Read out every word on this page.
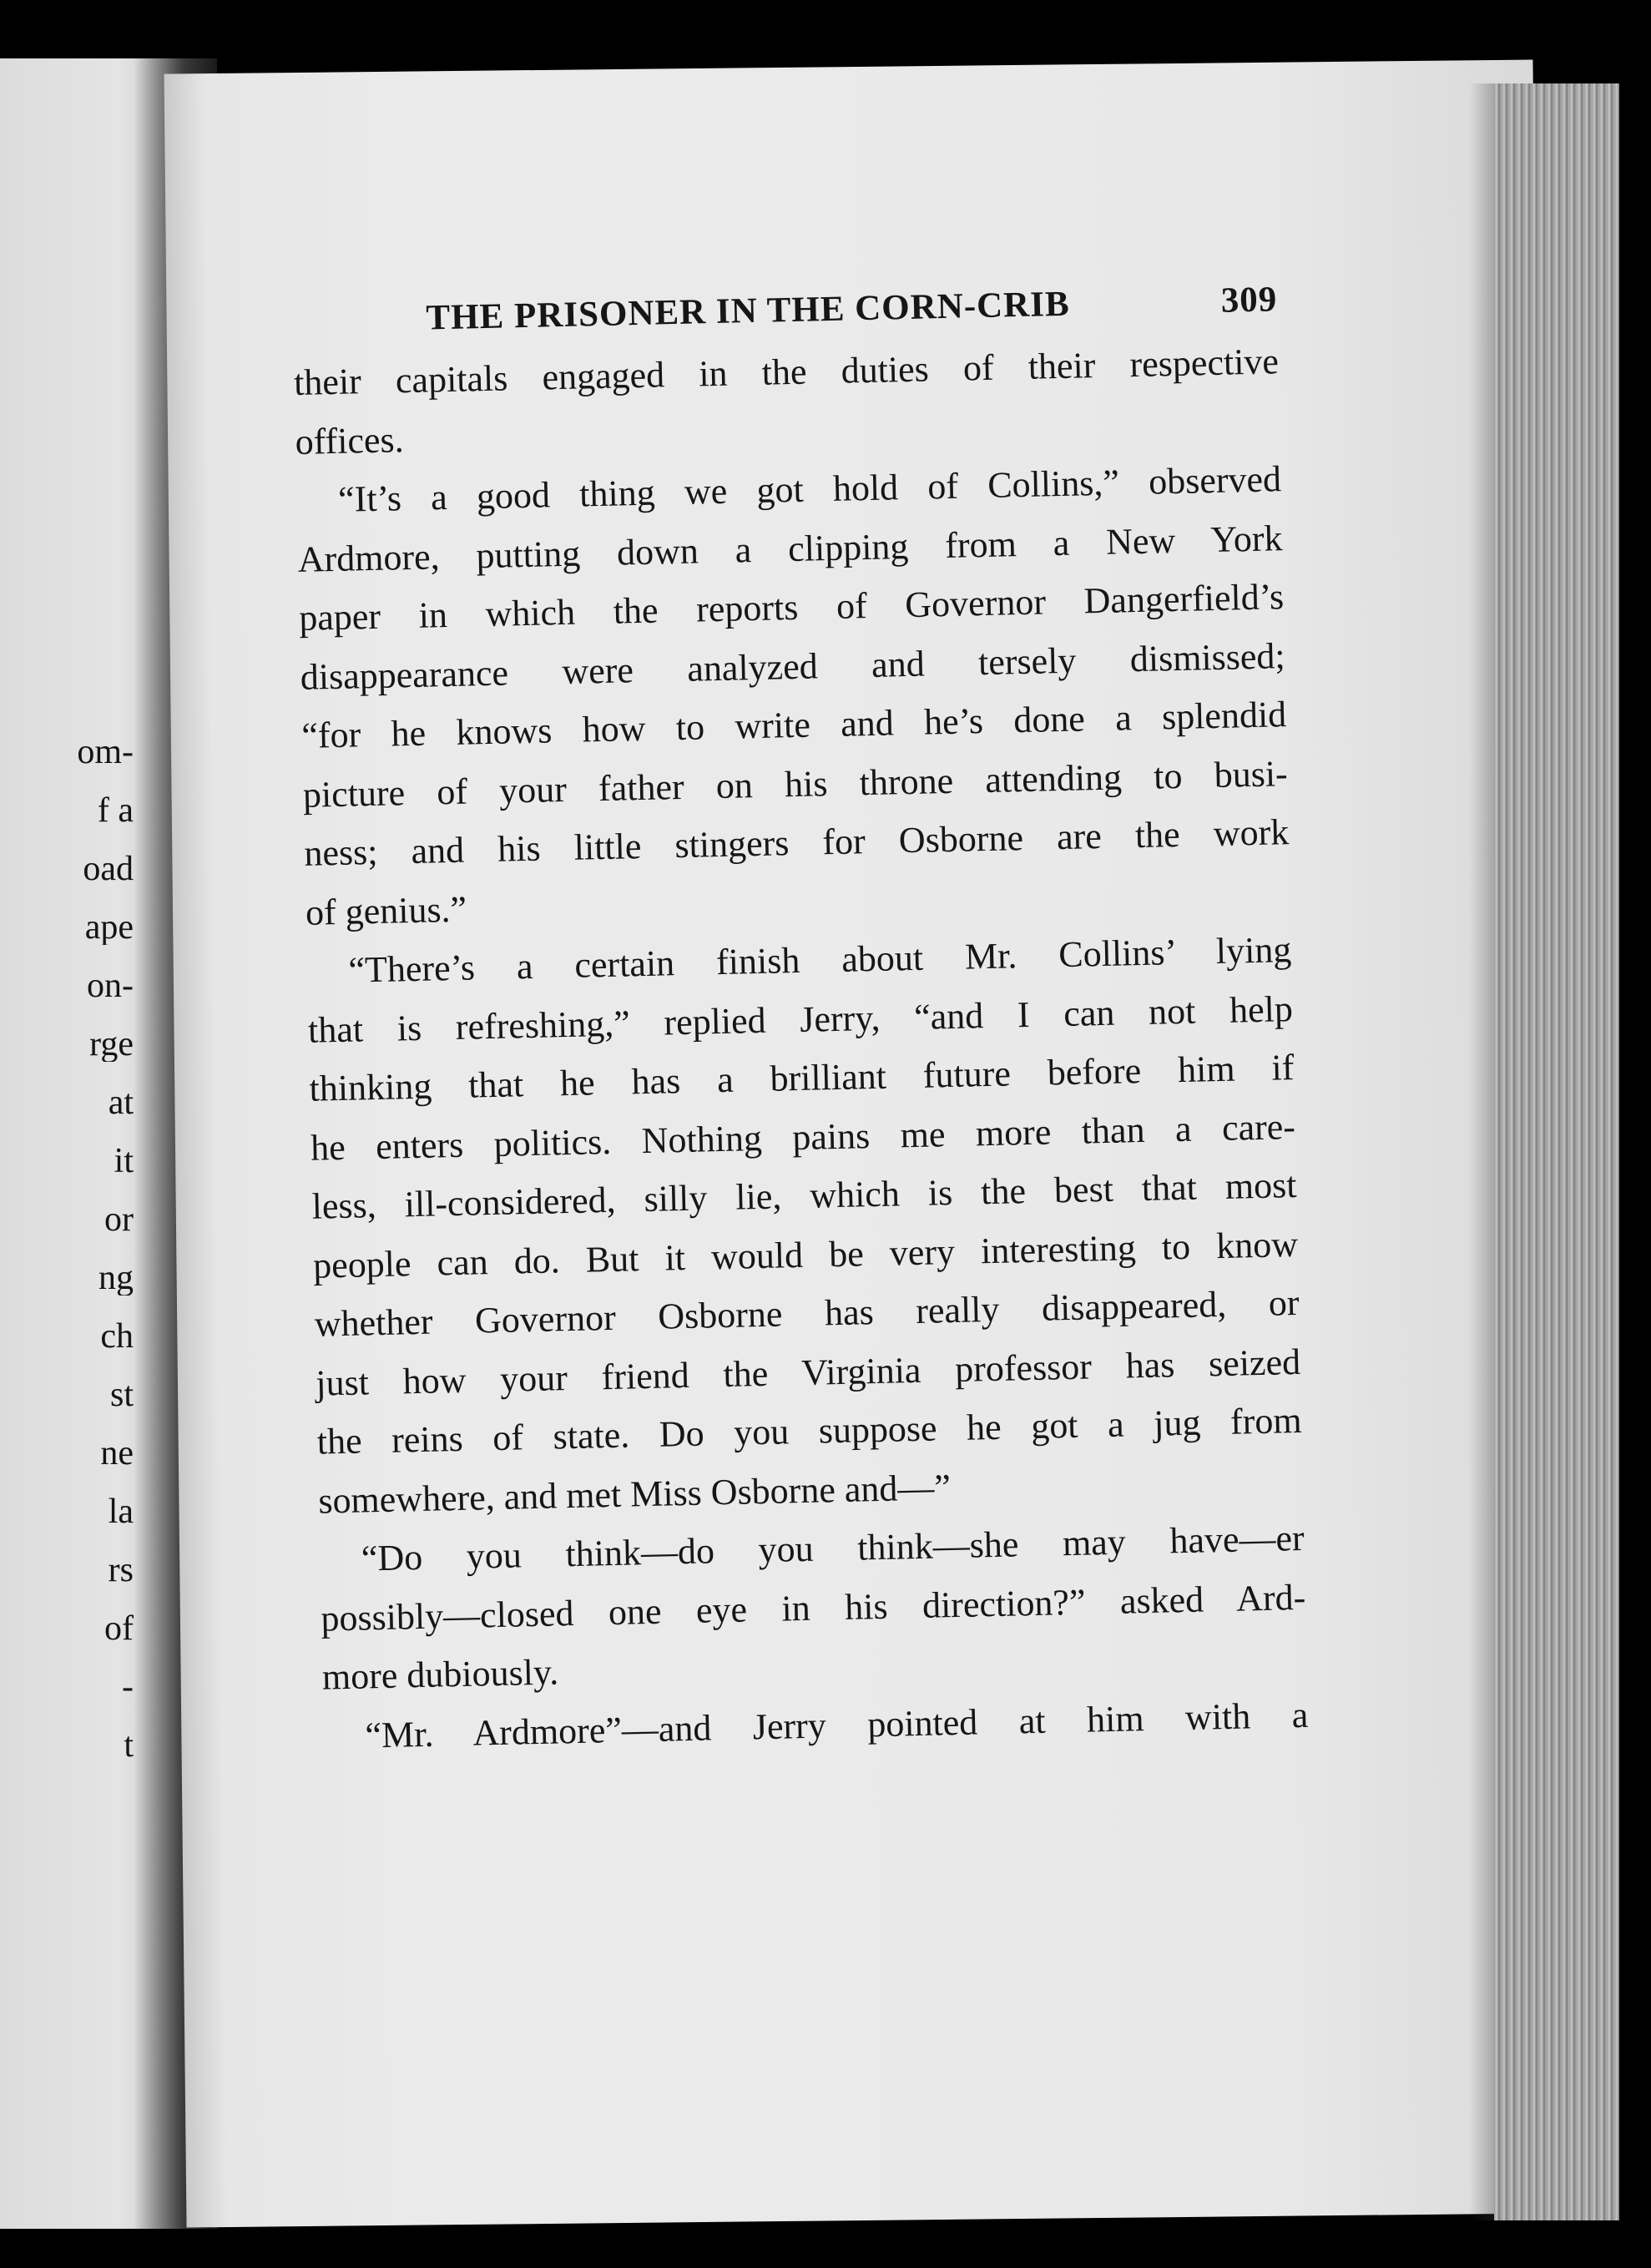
om-
f a
oad
ape
on-
rge
at
it
or
ng
ch
st
ne
la
rs
of
-
t
THE PRISONER IN THE CORN-CRIB	309
their capitals engaged in the duties of their respective
offices.
“It’s a good thing we got hold of Collins,” observed
Ardmore, putting down a clipping from a New York
paper in which the reports of Governor Dangerfield’s
disappearance were analyzed and tersely dismissed;
“for he knows how to write and he’s done a splendid
picture of your father on his throne attending to busi-
ness; and his little stingers for Osborne are the work
of genius.”
“There’s a certain finish about Mr. Collins’ lying
that is refreshing,” replied Jerry, “and I can not help
thinking that he has a brilliant future before him if
he enters politics. Nothing pains me more than a care-
less, ill-considered, silly lie, which is the best that most
people can do. But it would be very interesting to know
whether Governor Osborne has really disappeared, or
just how your friend the Virginia professor has seized
the reins of state. Do you suppose he got a jug from
somewhere, and met Miss Osborne and—”
“Do you think—do you think—she may have—er
possibly—closed one eye in his direction?” asked Ard-
more dubiously.
“Mr. Ardmore”—and Jerry pointed at him with a
